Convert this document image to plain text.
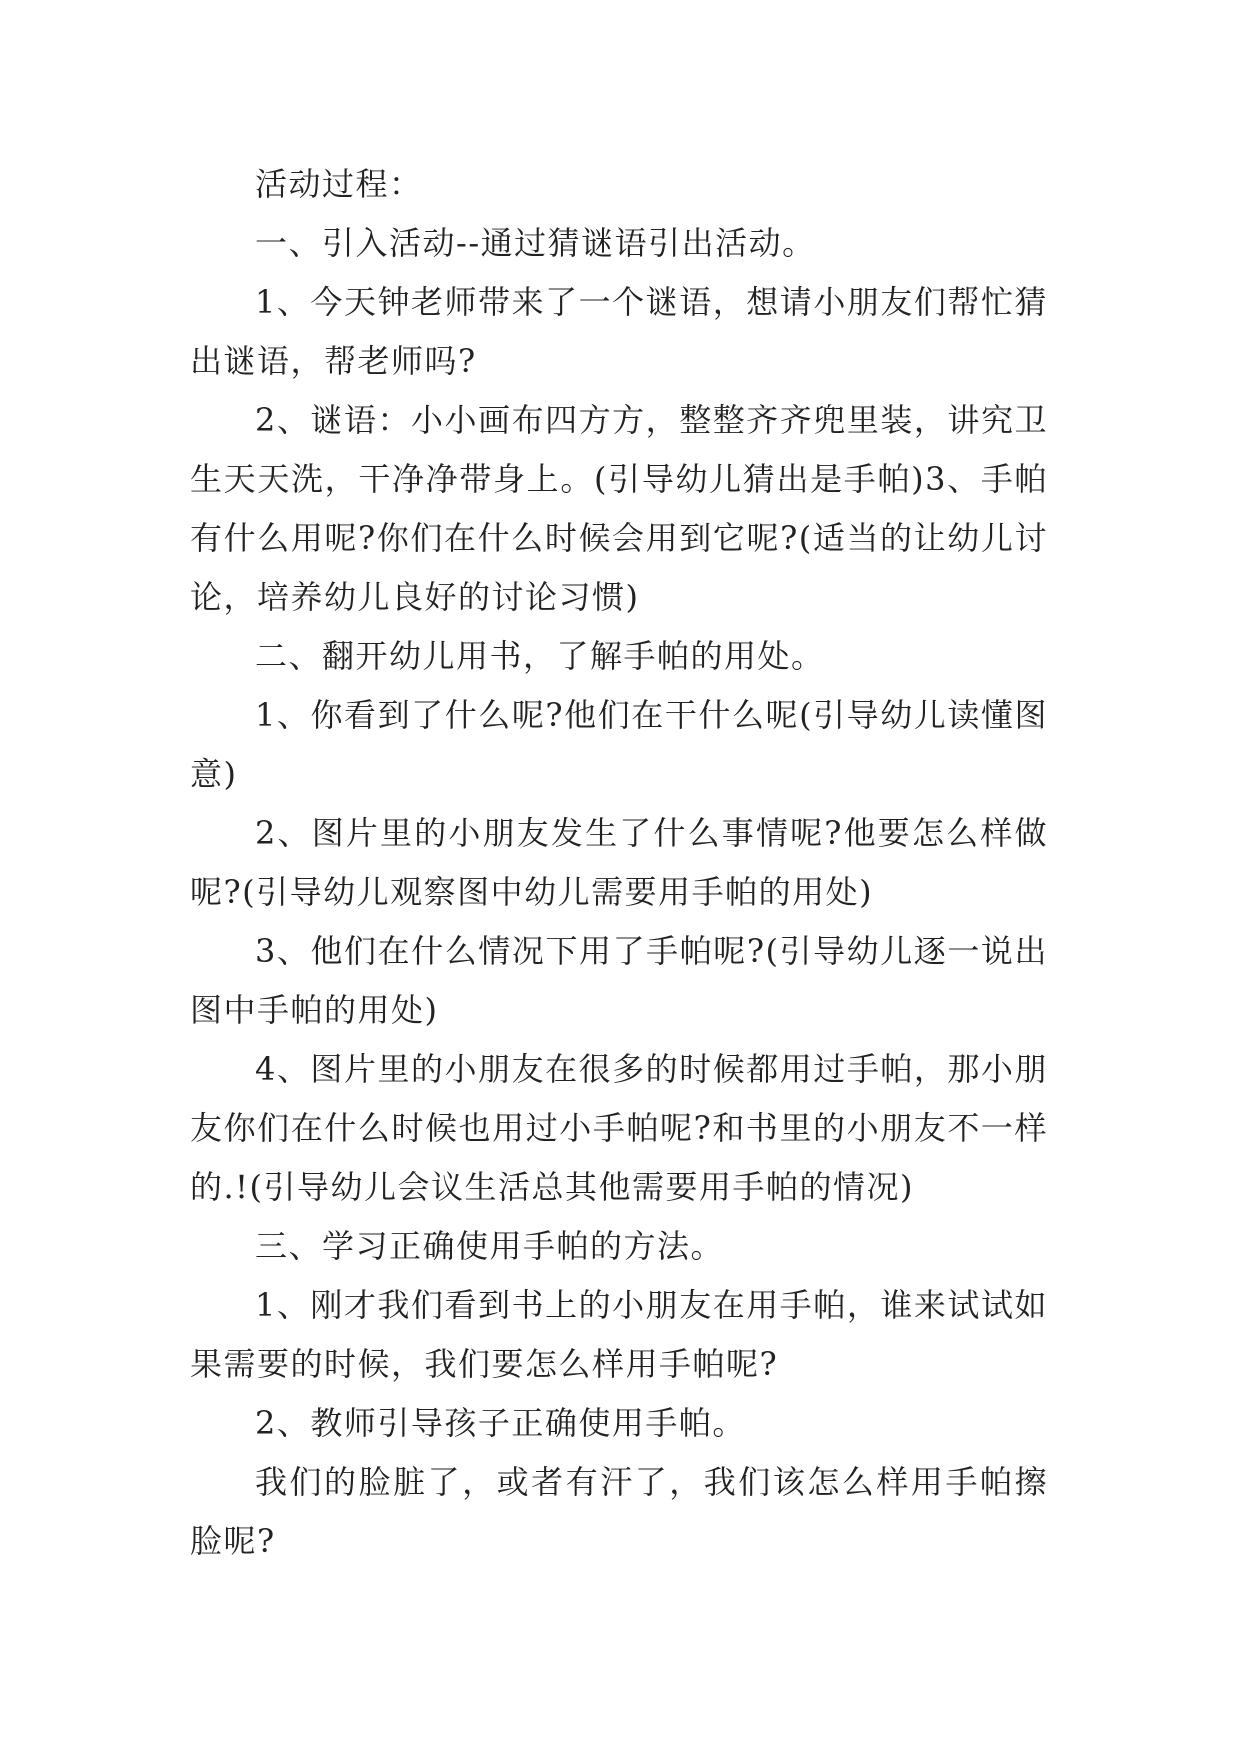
活动过程：

一、引入活动--通过猜谜语引出活动。

1、今天钟老师带来了一个谜语，想请小朋友们帮忙猜出谜语，帮老师吗?

2、谜语：小小画布四方方，整整齐齐兜里装，讲究卫生天天洗，干净净带身上。(引导幼儿猜出是手帕)3、手帕有什么用呢?你们在什么时候会用到它呢?(适当的让幼儿讨论，培养幼儿良好的讨论习惯)

二、翻开幼儿用书，了解手帕的用处。

1、你看到了什么呢?他们在干什么呢(引导幼儿读懂图意)

2、图片里的小朋友发生了什么事情呢?他要怎么样做呢?(引导幼儿观察图中幼儿需要用手帕的用处)

3、他们在什么情况下用了手帕呢?(引导幼儿逐一说出图中手帕的用处)

4、图片里的小朋友在很多的时候都用过手帕，那小朋友你们在什么时候也用过小手帕呢?和书里的小朋友不一样的.!(引导幼儿会议生活总其他需要用手帕的情况)

三、学习正确使用手帕的方法。

1、刚才我们看到书上的小朋友在用手帕，谁来试试如果需要的时候，我们要怎么样用手帕呢?

2、教师引导孩子正确使用手帕。

我们的脸脏了，或者有汗了，我们该怎么样用手帕擦脸呢?
